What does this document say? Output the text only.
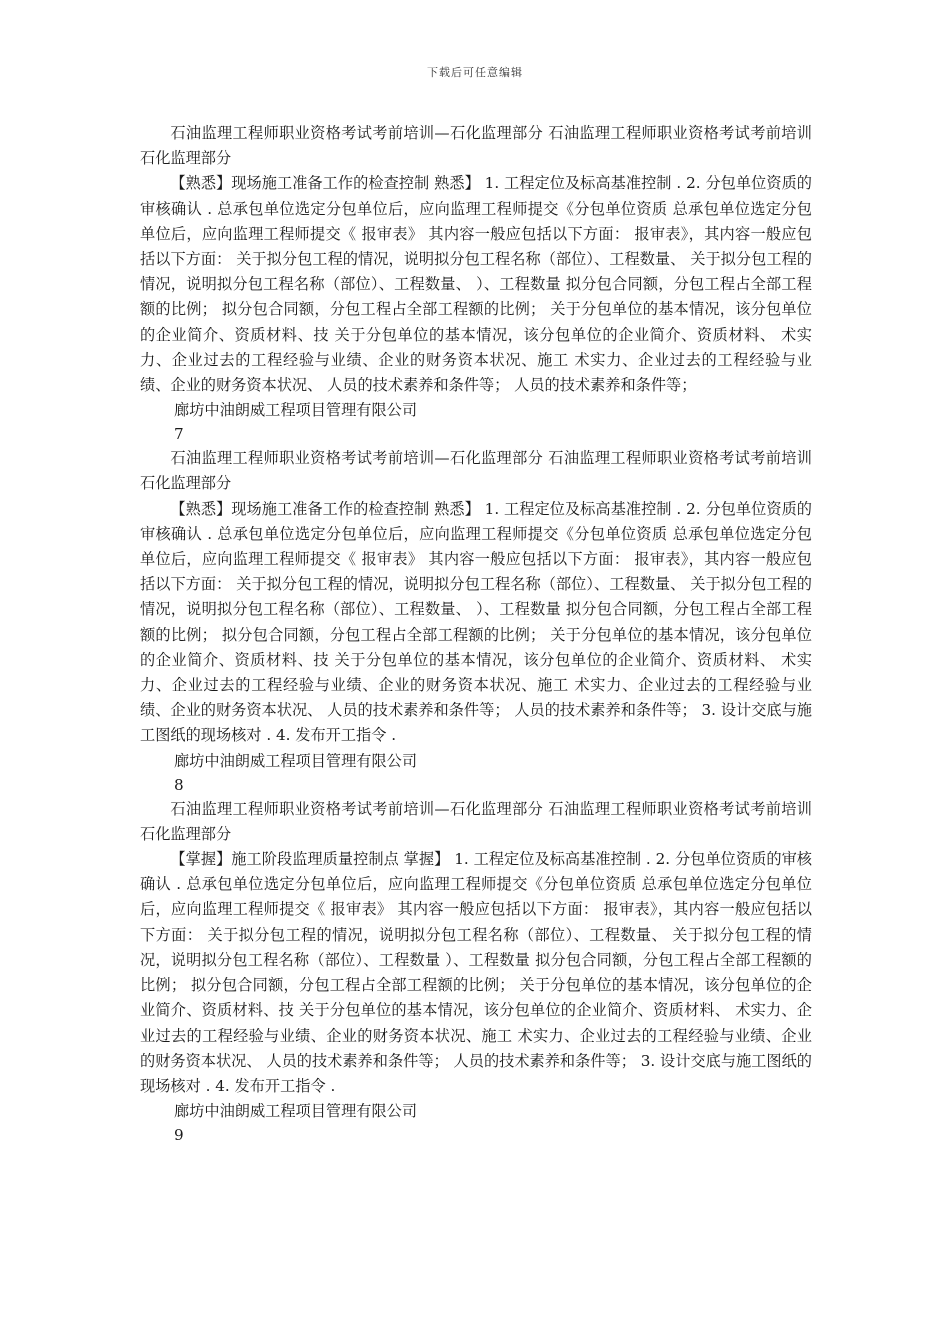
下载后可任意编辑

石油监理工程师职业资格考试考前培训—石化监理部分 石油监理工程师职业资格考试考前培训 石化监理部分

【熟悉】现场施工准备工作的检查控制 熟悉】 1. 工程定位及标高基准控制 . 2. 分包单位资质的审核确认 . 总承包单位选定分包单位后，应向监理工程师提交《分包单位资质 总承包单位选定分包单位后，应向监理工程师提交《 报审表》 其内容一般应包括以下方面： 报审表》，其内容一般应包括以下方面： 关于拟分包工程的情况，说明拟分包工程名称（部位）、工程数量、 关于拟分包工程的情况，说明拟分包工程名称（部位）、工程数量、 ）、工程数量 拟分包合同额，分包工程占全部工程额的比例； 拟分包合同额，分包工程占全部工程额的比例； 关于分包单位的基本情况，该分包单位的企业简介、资质材料、技 关于分包单位的基本情况，该分包单位的企业简介、资质材料、 术实力、企业过去的工程经验与业绩、企业的财务资本状况、施工 术实力、企业过去的工程经验与业绩、企业的财务资本状况、 人员的技术素养和条件等； 人员的技术素养和条件等；

廊坊中油朗威工程项目管理有限公司

7

石油监理工程师职业资格考试考前培训—石化监理部分 石油监理工程师职业资格考试考前培训 石化监理部分

【熟悉】现场施工准备工作的检查控制 熟悉】 1. 工程定位及标高基准控制 . 2. 分包单位资质的审核确认 . 总承包单位选定分包单位后，应向监理工程师提交《分包单位资质 总承包单位选定分包单位后，应向监理工程师提交《 报审表》 其内容一般应包括以下方面： 报审表》，其内容一般应包括以下方面： 关于拟分包工程的情况，说明拟分包工程名称（部位）、工程数量、 关于拟分包工程的情况，说明拟分包工程名称（部位）、工程数量、 ）、工程数量 拟分包合同额，分包工程占全部工程额的比例； 拟分包合同额，分包工程占全部工程额的比例； 关于分包单位的基本情况，该分包单位的企业简介、资质材料、技 关于分包单位的基本情况，该分包单位的企业简介、资质材料、 术实力、企业过去的工程经验与业绩、企业的财务资本状况、施工 术实力、企业过去的工程经验与业绩、企业的财务资本状况、 人员的技术素养和条件等； 人员的技术素养和条件等； 3. 设计交底与施工图纸的现场核对 . 4. 发布开工指令 .

廊坊中油朗威工程项目管理有限公司

8

石油监理工程师职业资格考试考前培训—石化监理部分 石油监理工程师职业资格考试考前培训 石化监理部分

【掌握】施工阶段监理质量控制点 掌握】 1. 工程定位及标高基准控制 . 2. 分包单位资质的审核确认 . 总承包单位选定分包单位后，应向监理工程师提交《分包单位资质 总承包单位选定分包单位后，应向监理工程师提交《 报审表》 其内容一般应包括以下方面： 报审表》，其内容一般应包括以下方面： 关于拟分包工程的情况，说明拟分包工程名称（部位）、工程数量、 关于拟分包工程的情况，说明拟分包工程名称（部位）、工程数量 ）、工程数量 拟分包合同额，分包工程占全部工程额的比例； 拟分包合同额，分包工程占全部工程额的比例； 关于分包单位的基本情况，该分包单位的企业简介、资质材料、技 关于分包单位的基本情况，该分包单位的企业简介、资质材料、 术实力、企业过去的工程经验与业绩、企业的财务资本状况、施工 术实力、企业过去的工程经验与业绩、企业的财务资本状况、 人员的技术素养和条件等； 人员的技术素养和条件等； 3. 设计交底与施工图纸的现场核对 . 4. 发布开工指令 .

廊坊中油朗威工程项目管理有限公司

9
